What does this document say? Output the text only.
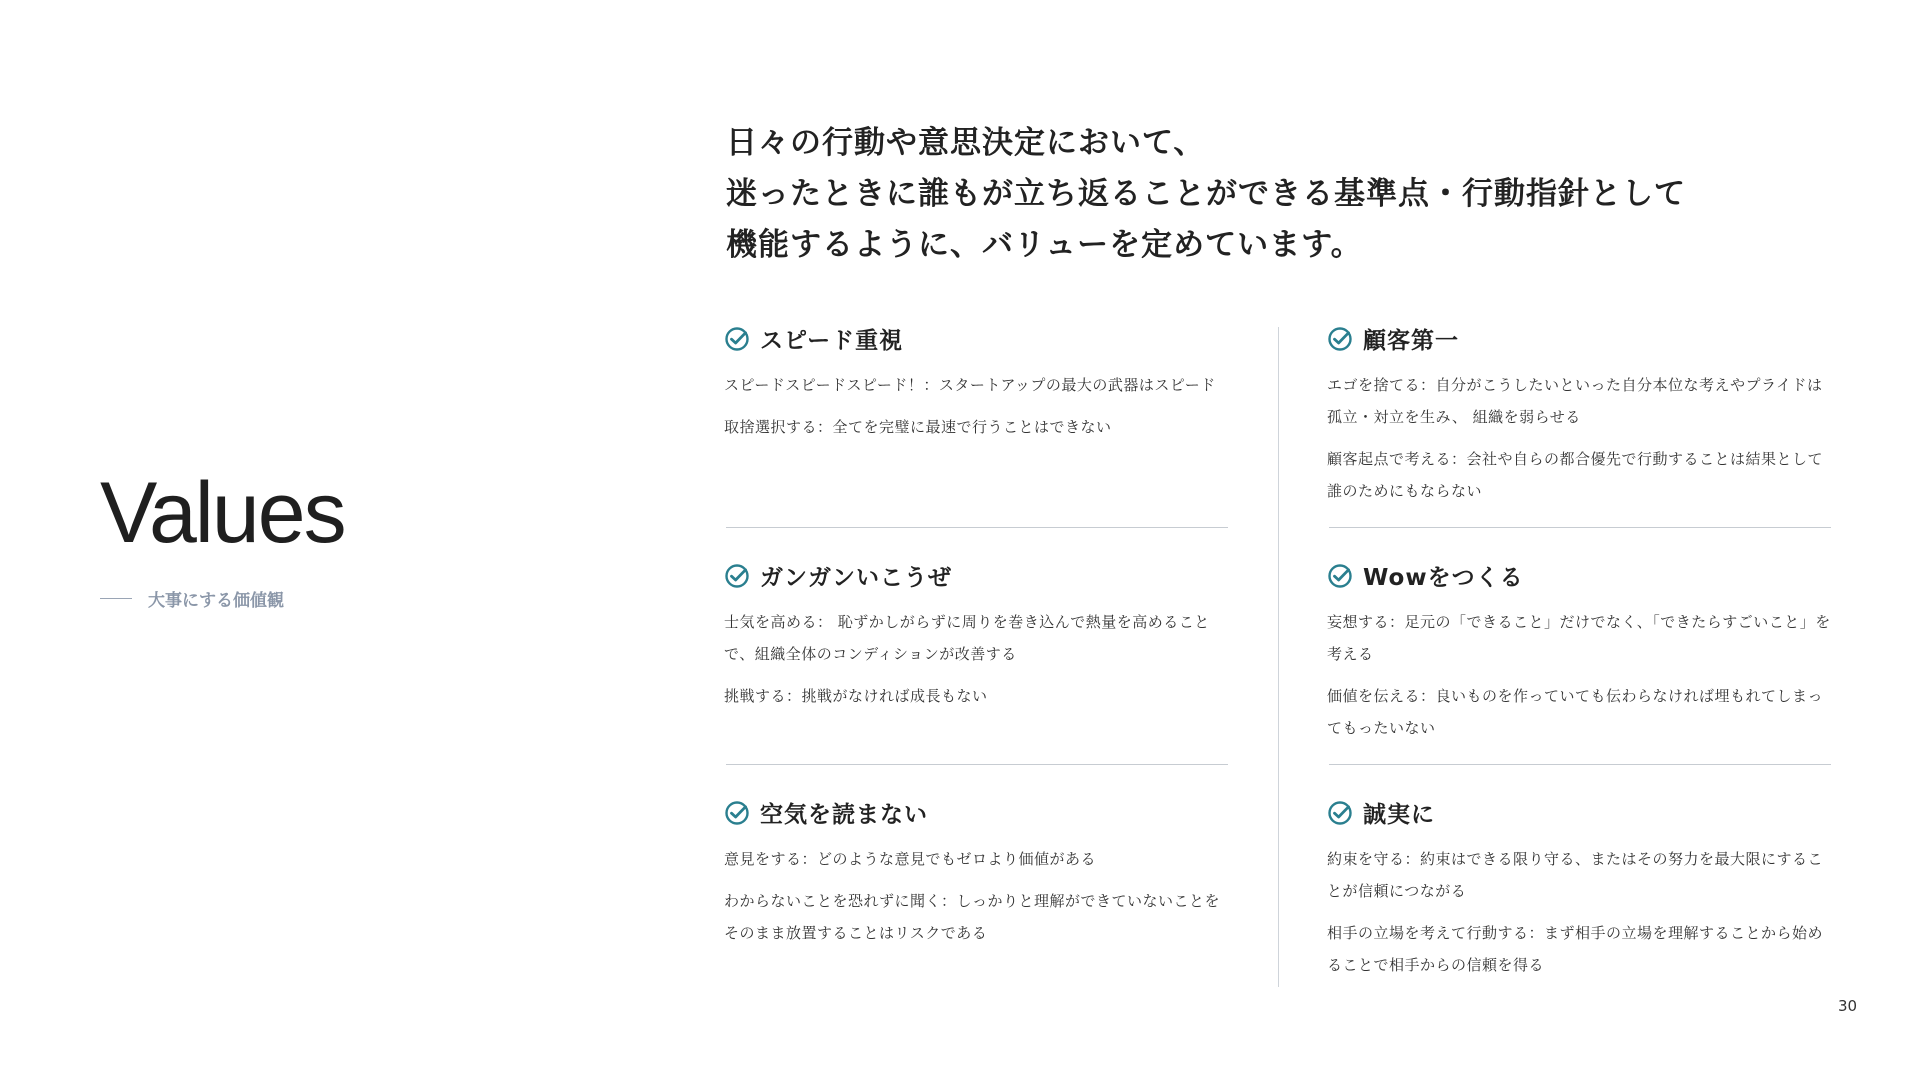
Values
大事にする価値観
日々の行動や意思決定において、
迷ったときに誰もが立ち返ることができる基準点・行動指針として
機能するように、バリューを定めています。
スピード重視

スピードスピードスピード！：スタートアップの最大の武器はスピード

取捨選択する：全てを完璧に最速で行うことはできない

顧客第一

エゴを捨てる：自分がこうしたいといった自分本位な考えやプライドは孤立・対立を生み、 組織を弱らせる

顧客起点で考える：会社や自らの都合優先で行動することは結果として誰のためにもならない

ガンガンいこうぜ

士気を高める： 恥ずかしがらずに周りを巻き込んで熱量を高めることで、組織全体のコンディションが改善する

挑戦する：挑戦がなければ成長もない

Wowをつくる

妄想する：足元の「できること」だけでなく、「できたらすごいこと」を考える

価値を伝える：良いものを作っていても伝わらなければ埋もれてしまってもったいない

空気を読まない

意見をする：どのような意見でもゼロより価値がある

わからないことを恐れずに聞く：しっかりと理解ができていないことをそのまま放置することはリスクである

誠実に

約束を守る：約束はできる限り守る、またはその努力を最大限にすることが信頼につながる

相手の立場を考えて行動する：まず相手の立場を理解することから始めることで相手からの信頼を得る

30
